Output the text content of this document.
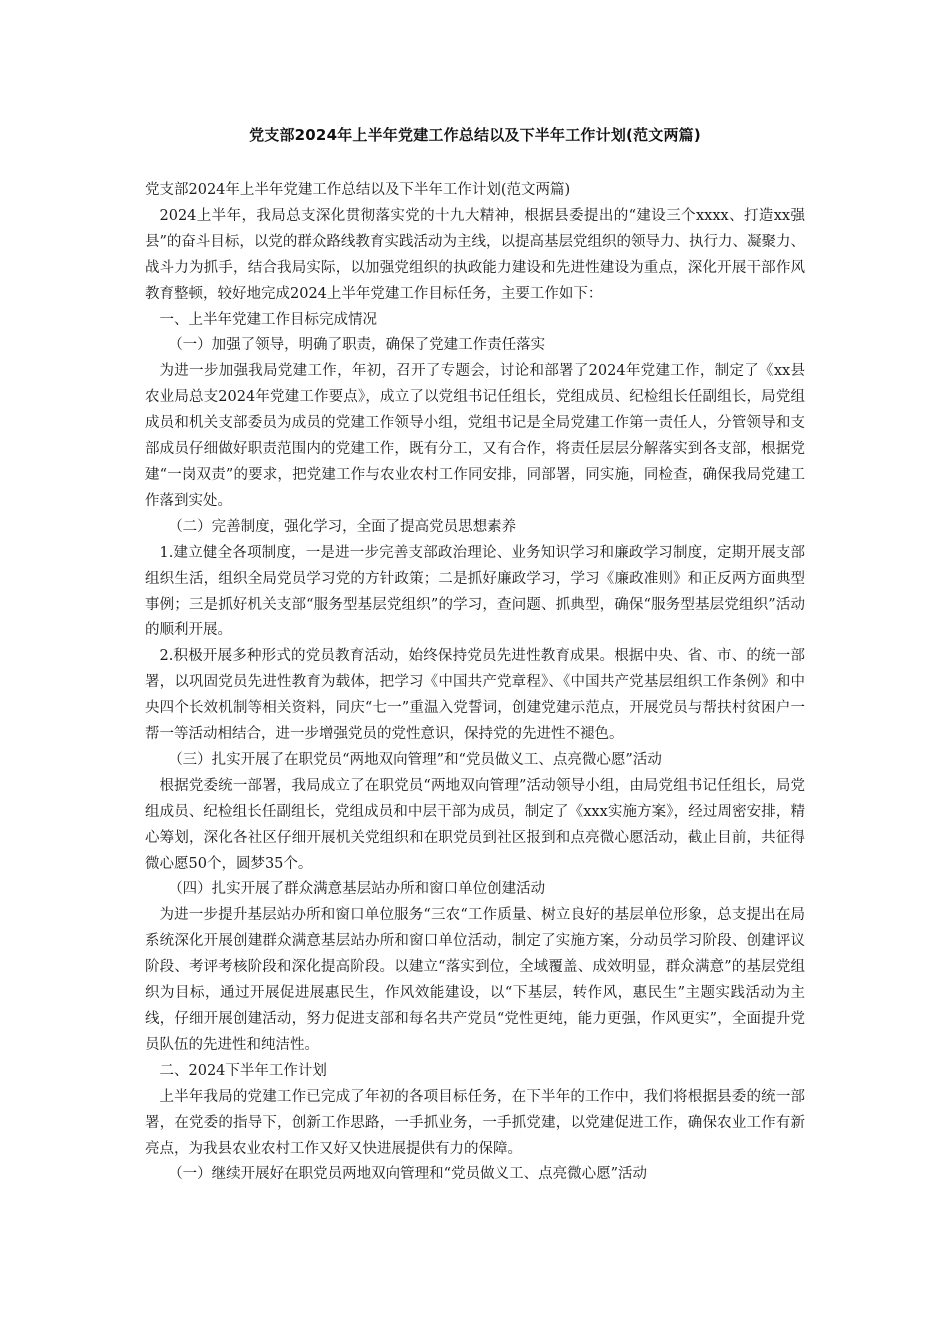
党支部2024年上半年党建工作总结以及下半年工作计划(范文两篇)

党支部2024年上半年党建工作总结以及下半年工作计划(范文两篇)

2024上半年，我局总支深化贯彻落实党的十九大精神，根据县委提出的“建设三个xxxx、打造xx强县”的奋斗目标，以党的群众路线教育实践活动为主线，以提高基层党组织的领导力、执行力、凝聚力、战斗力为抓手，结合我局实际，以加强党组织的执政能力建设和先进性建设为重点，深化开展干部作风教育整顿，较好地完成2024上半年党建工作目标任务，主要工作如下：

一、上半年党建工作目标完成情况

（一）加强了领导，明确了职责，确保了党建工作责任落实

为进一步加强我局党建工作，年初，召开了专题会，讨论和部署了2024年党建工作，制定了《xx县农业局总支2024年党建工作要点》，成立了以党组书记任组长，党组成员、纪检组长任副组长，局党组成员和机关支部委员为成员的党建工作领导小组，党组书记是全局党建工作第一责任人，分管领导和支部成员仔细做好职责范围内的党建工作，既有分工，又有合作，将责任层层分解落实到各支部，根据党建“一岗双责”的要求，把党建工作与农业农村工作同安排，同部署，同实施，同检查，确保我局党建工作落到实处。

（二）完善制度，强化学习，全面了提高党员思想素养

1.建立健全各项制度，一是进一步完善支部政治理论、业务知识学习和廉政学习制度，定期开展支部组织生活，组织全局党员学习党的方针政策；二是抓好廉政学习，学习《廉政准则》和正反两方面典型事例；三是抓好机关支部“服务型基层党组织”的学习，查问题、抓典型，确保“服务型基层党组织”活动的顺利开展。

2.积极开展多种形式的党员教育活动，始终保持党员先进性教育成果。根据中央、省、市、的统一部署，以巩固党员先进性教育为载体，把学习《中国共产党章程》、《中国共产党基层组织工作条例》和中央四个长效机制等相关资料，同庆“七一”重温入党誓词，创建党建示范点，开展党员与帮扶村贫困户一帮一等活动相结合，进一步增强党员的党性意识，保持党的先进性不褪色。

（三）扎实开展了在职党员“两地双向管理”和“党员做义工、点亮微心愿”活动

根据党委统一部署，我局成立了在职党员“两地双向管理”活动领导小组，由局党组书记任组长，局党组成员、纪检组长任副组长，党组成员和中层干部为成员，制定了《xxx实施方案》，经过周密安排，精心筹划，深化各社区仔细开展机关党组织和在职党员到社区报到和点亮微心愿活动，截止目前，共征得微心愿50个，圆梦35个。

（四）扎实开展了群众满意基层站办所和窗口单位创建活动

为进一步提升基层站办所和窗口单位服务“三农“工作质量、树立良好的基层单位形象，总支提出在局系统深化开展创建群众满意基层站办所和窗口单位活动，制定了实施方案，分动员学习阶段、创建评议阶段、考评考核阶段和深化提高阶段。以建立“落实到位，全域覆盖、成效明显，群众满意”的基层党组织为目标，通过开展促进展惠民生，作风效能建设，以“下基层，转作风，惠民生”主题实践活动为主线，仔细开展创建活动，努力促进支部和每名共产党员“党性更纯，能力更强，作风更实”，全面提升党员队伍的先进性和纯洁性。

二、2024下半年工作计划

上半年我局的党建工作已完成了年初的各项目标任务，在下半年的工作中，我们将根据县委的统一部署，在党委的指导下，创新工作思路，一手抓业务，一手抓党建，以党建促进工作，确保农业工作有新亮点，为我县农业农村工作又好又快进展提供有力的保障。

（一）继续开展好在职党员两地双向管理和“党员做义工、点亮微心愿”活动
